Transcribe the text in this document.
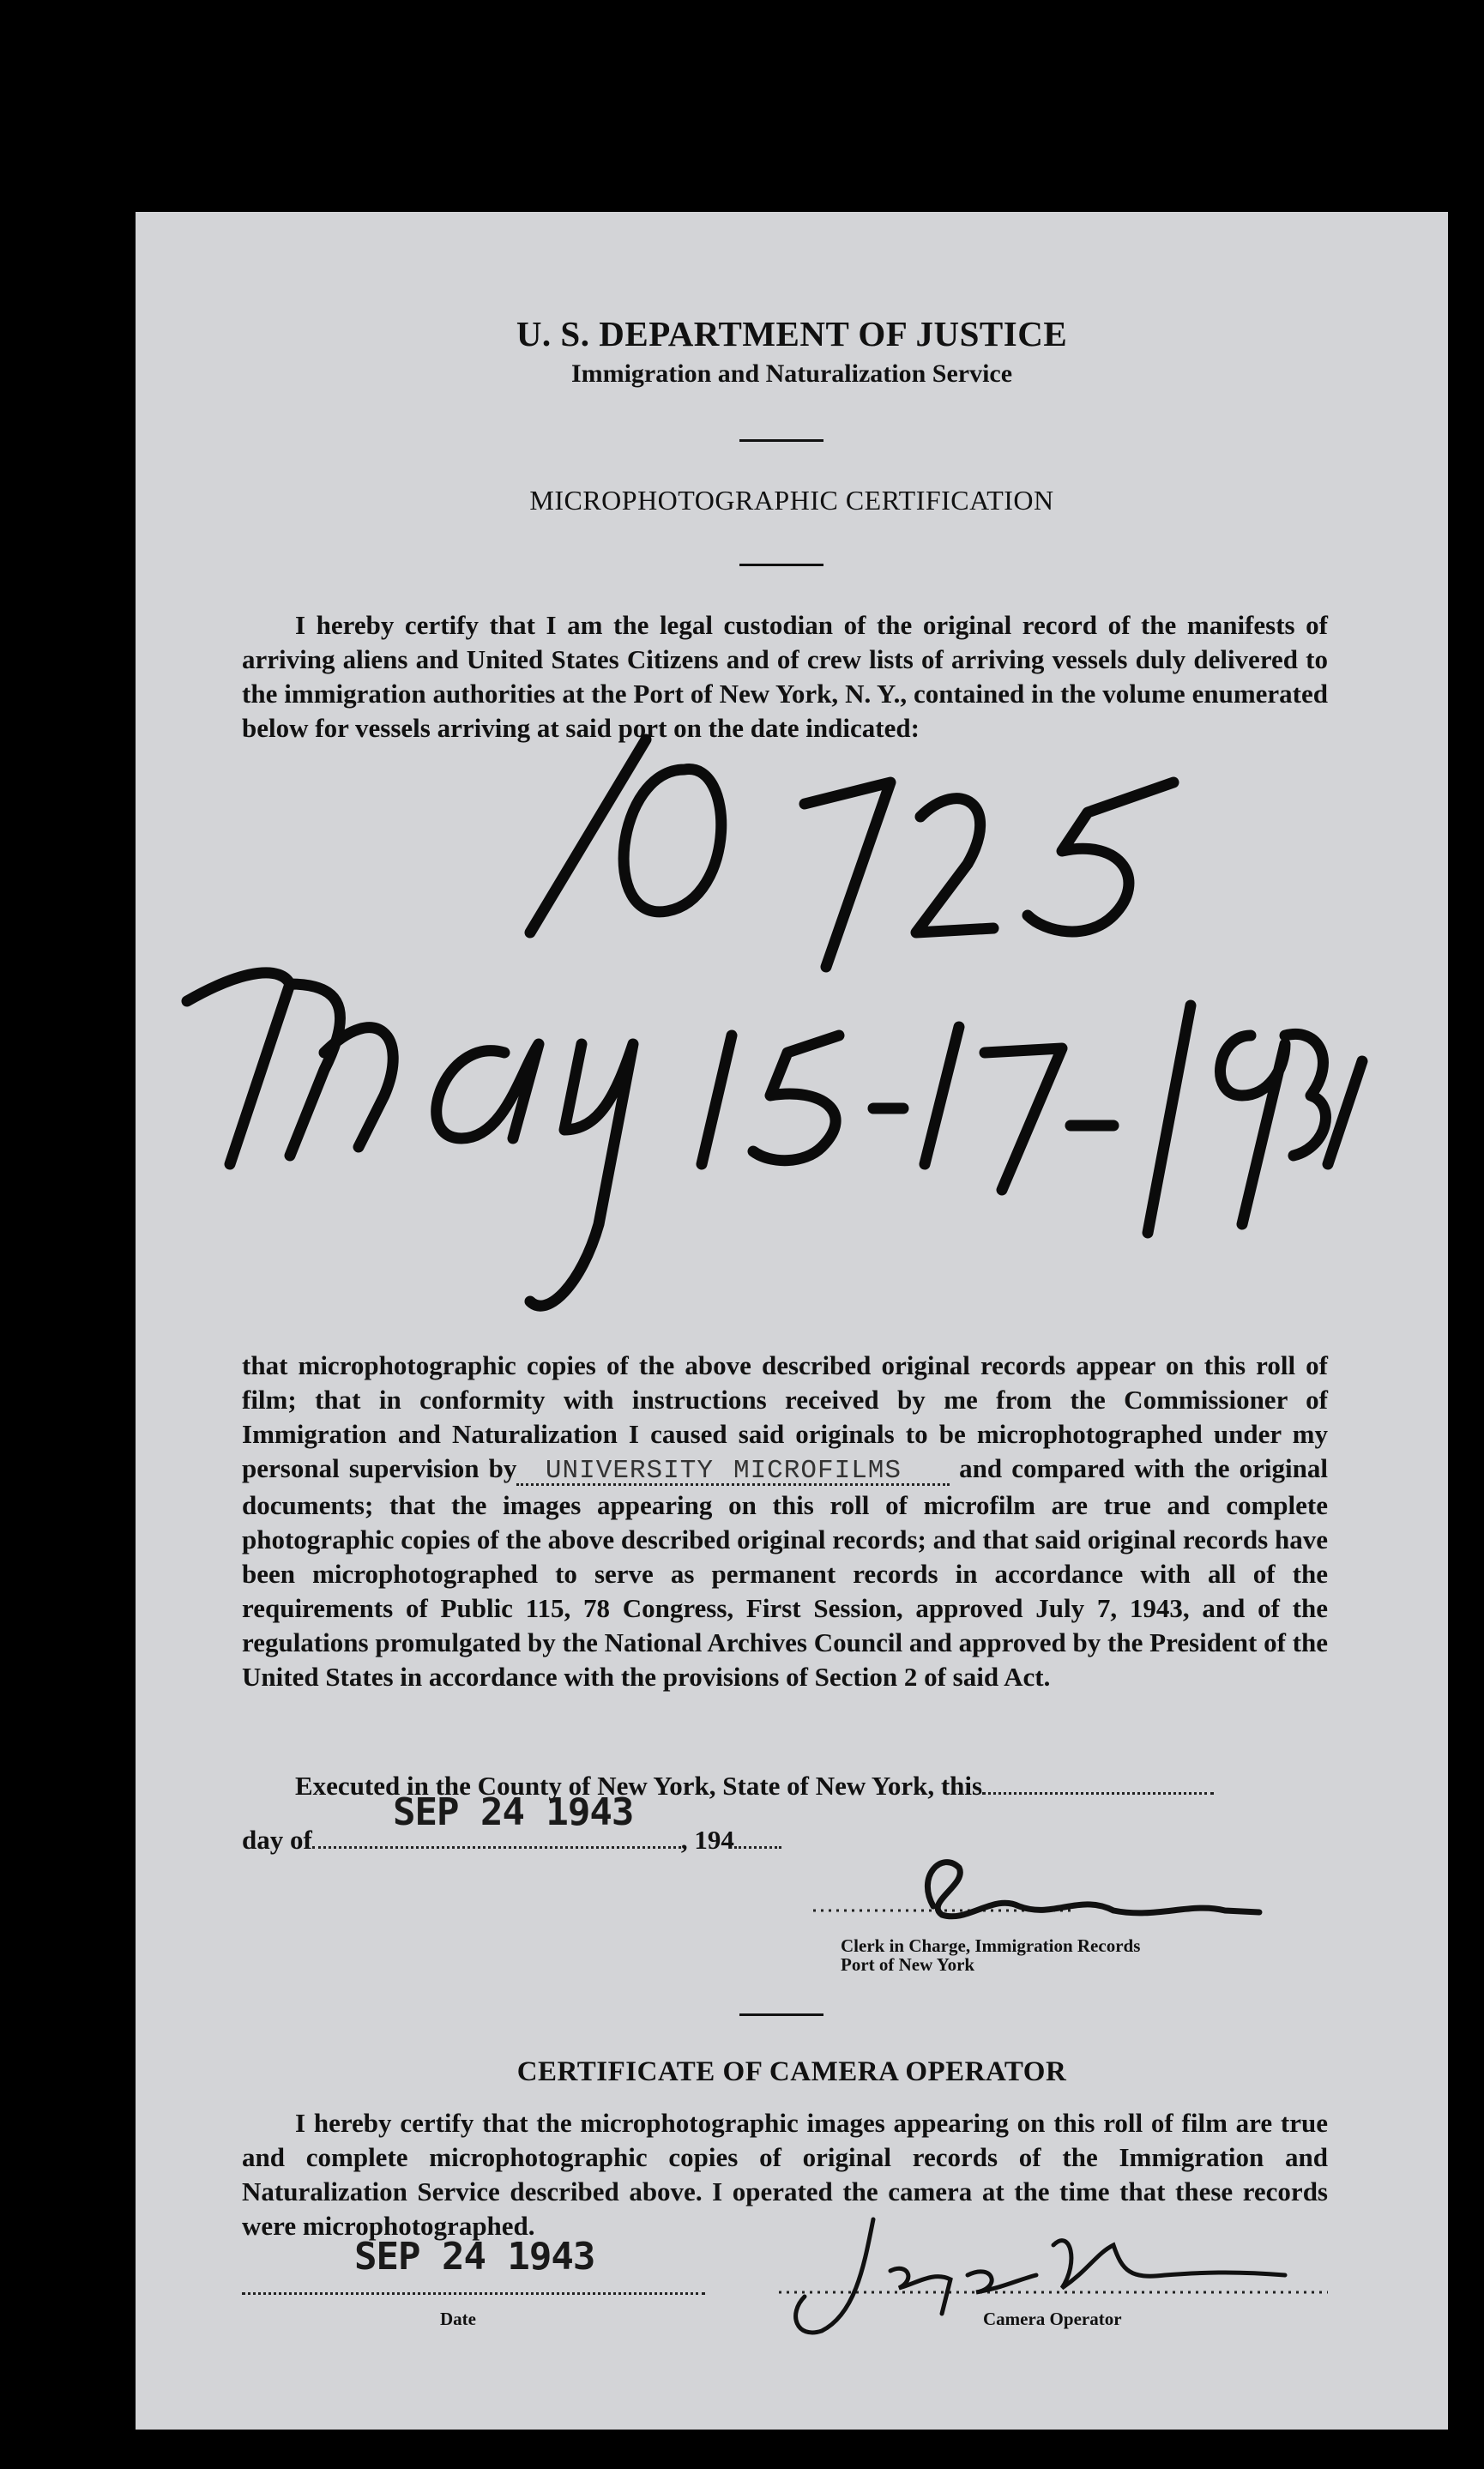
U. S. DEPARTMENT OF JUSTICE
Immigration and Naturalization Service
MICROPHOTOGRAPHIC CERTIFICATION

I hereby certify that I am the legal custodian of the original record of the manifests of arriving aliens and United States Citizens and of crew lists of arriving vessels duly delivered to the immigration authorities at the Port of New York, N. Y., contained in the volume enumerated below for vessels arriving at said port on the date indicated:

that microphotographic copies of the above described original records appear on this roll of film; that in conformity with instructions received by me from the Commissioner of Immigration and Naturalization I caused said originals to be microphotographed under my personal supervision by UNIVERSITY MICROFILMS and compared with the original documents; that the images appearing on this roll of microfilm are true and complete photographic copies of the above described original records; and that said original records have been microphotographed to serve as permanent records in accordance with all of the requirements of Public 115, 78 Congress, First Session, approved July 7, 1943, and of the regulations promulgated by the National Archives Council and approved by the President of the United States in accordance with the provisions of Section 2 of said Act.

Executed in the County of New York, State of New York, this

day of	, 194
SEP 24 1943
Clerk in Charge, Immigration Records
Port of New York
CERTIFICATE OF CAMERA OPERATOR

I hereby certify that the microphotographic images appearing on this roll of film are true and complete microphotographic copies of original records of the Immigration and Naturalization Service described above. I operated the camera at the time that these records were microphotographed.

SEP 24 1943
Date	Camera Operator
